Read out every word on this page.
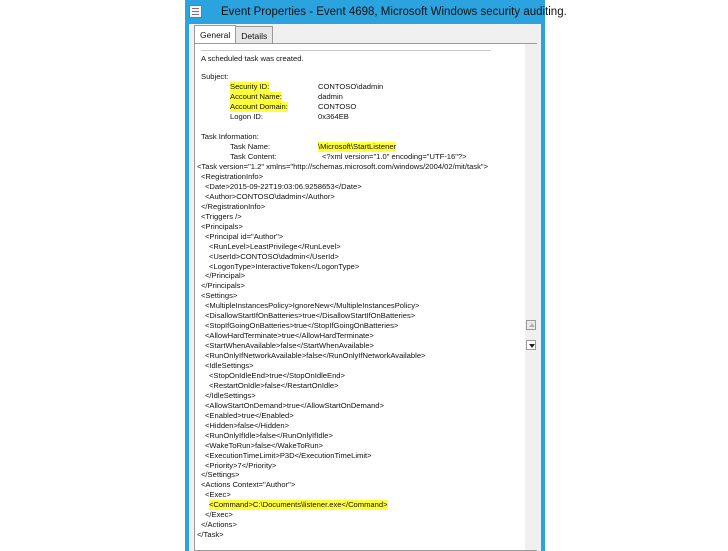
Event Properties - Event 4698, Microsoft Windows security auditing.
General	Details
A scheduled task was created.
Subject:
Security ID:	CONTOSO\dadmin
Account Name:	dadmin
Account Domain:	CONTOSO
Logon ID:	0x364EB
Task Information:
Task Name:	\Microsoft\StartListener
Task Content:	<?xml version="1.0" encoding="UTF-16"?>
<Task version="1.2" xmlns="http://schemas.microsoft.com/windows/2004/02/mit/task">
<RegistrationInfo>
<Date>2015-09-22T19:03:06.9258653</Date>
<Author>CONTOSO\dadmin</Author>
</RegistrationInfo>
<Triggers />
<Principals>
<Principal id="Author">
<RunLevel>LeastPrivilege</RunLevel>
<UserId>CONTOSO\dadmin</UserId>
<LogonType>InteractiveToken</LogonType>
</Principal>
</Principals>
<Settings>
<MultipleInstancesPolicy>IgnoreNew</MultipleInstancesPolicy>
<DisallowStartIfOnBatteries>true</DisallowStartIfOnBatteries>
<StopIfGoingOnBatteries>true</StopIfGoingOnBatteries>
<AllowHardTerminate>true</AllowHardTerminate>
<StartWhenAvailable>false</StartWhenAvailable>
<RunOnlyIfNetworkAvailable>false</RunOnlyIfNetworkAvailable>
<IdleSettings>
<StopOnIdleEnd>true</StopOnIdleEnd>
<RestartOnIdle>false</RestartOnIdle>
</IdleSettings>
<AllowStartOnDemand>true</AllowStartOnDemand>
<Enabled>true</Enabled>
<Hidden>false</Hidden>
<RunOnlyIfIdle>false</RunOnlyIfIdle>
<WakeToRun>false</WakeToRun>
<ExecutionTimeLimit>P3D</ExecutionTimeLimit>
<Priority>7</Priority>
</Settings>
<Actions Context="Author">
<Exec>
<Command>C:\Documents\listener.exe</Command>
</Exec>
</Actions>
</Task>
